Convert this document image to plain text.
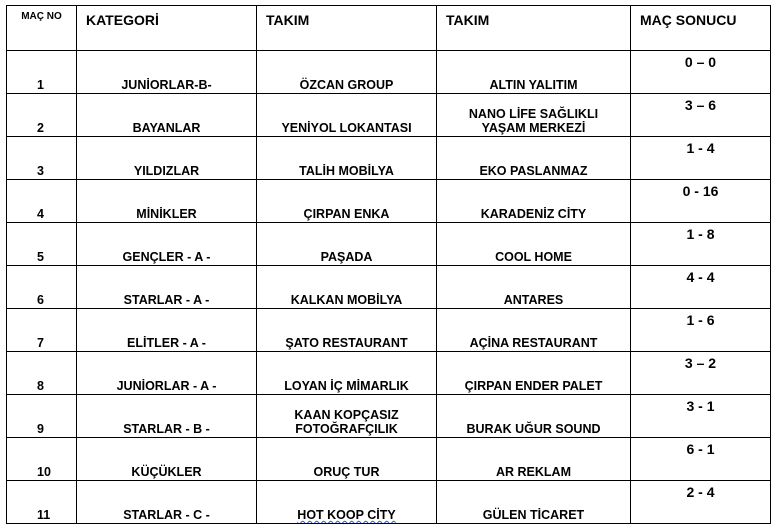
MAÇ NO	KATEGORİ	TAKIM	TAKIM	MAÇ SONUCU

1	JUNİORLAR-B-	ÖZCAN GROUP	ALTIN YALITIM	0 – 0

2	BAYANLAR	YENİYOL LOKANTASI	NANO LİFE SAĞLIKLI YAŞAM MERKEZİ	3 – 6

3	YILDIZLAR	TALİH MOBİLYA	EKO PASLANMAZ	1 - 4

4	MİNİKLER	ÇIRPAN ENKA	KARADENİZ CİTY	0 - 16

5	GENÇLER - A -	PAŞADA	COOL HOME	1 - 8

6	STARLAR - A -	KALKAN MOBİLYA	ANTARES	4 - 4

7	ELİTLER - A -	ŞATO RESTAURANT	AÇİNA RESTAURANT	1 - 6

8	JUNİORLAR - A -	LOYAN İÇ MİMARLIK	ÇIRPAN ENDER PALET	3 – 2

9	STARLAR - B -	KAAN KOPÇASIZ FOTOĞRAFÇILIK	BURAK UĞUR SOUND	3 - 1

10	KÜÇÜKLER	ORUÇ TUR	AR REKLAM	6 - 1

11	STARLAR - C -	HOT KOOP CİTY	GÜLEN TİCARET	2 - 4
